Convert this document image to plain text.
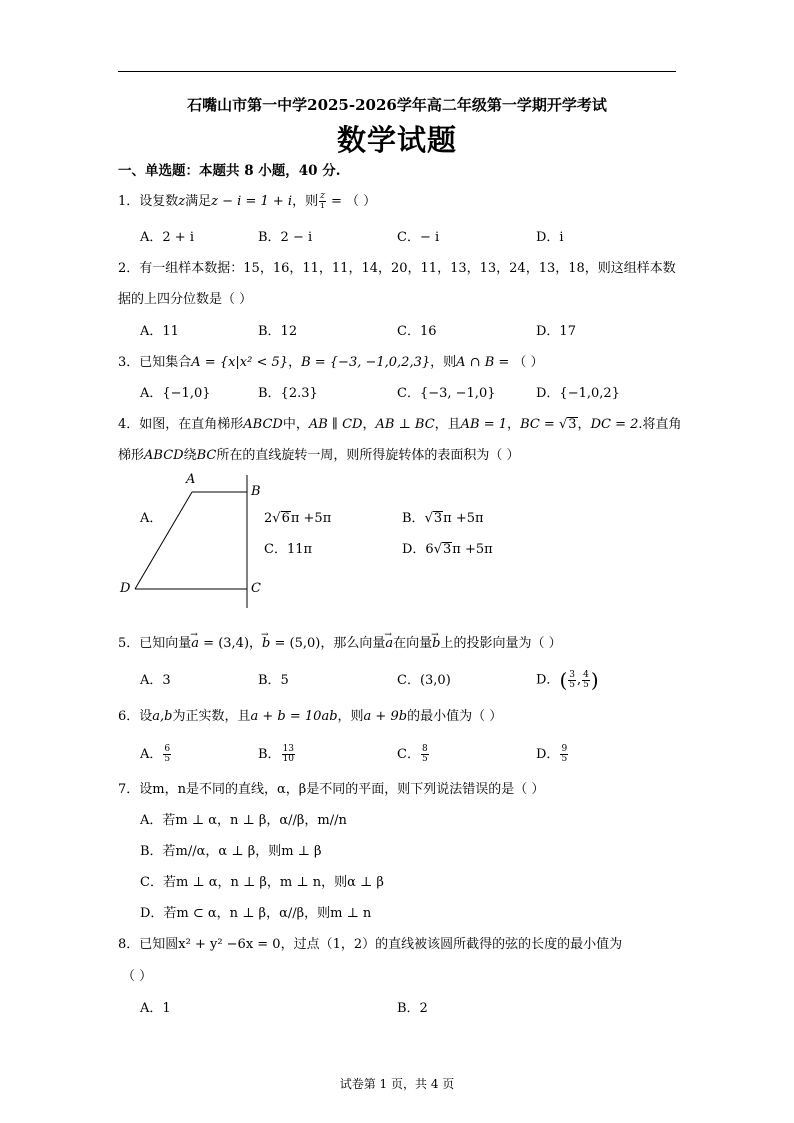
石嘴山市第一中学2025-2026学年高二年级第一学期开学考试
数学试题
一、单选题：本题共 8 小题，40 分.
1．设复数z满足z − i = 1 + i，则 $\frac{z}{i}$ = （ ）
A．2 + i	B．2 − i	C．− i	D．i
2．有一组样本数据：15，16，11，11，14，20，11，13，13，24，13，18，则这组样本数
据的上四分位数是（ ）
A．11	B．12	C．16	D．17
3．已知集合A = {x|x² < 5}，B = {−3, −1,0,2,3}，则A ∩ B = （ ）
A．{−1,0}	B．{2.3}	C．{−3, −1,0}	D．{−1,0,2}
4．如图，在直角梯形ABCD中，AB ∥ CD，AB ⊥ BC，且AB = 1，BC = √3，DC = 2.将直角
梯形ABCD绕BC所在的直线旋转一周，则所得旋转体的表面积为（ ）
A
B
C
D
A．	2√6π +5π	B．√3π +5π
C．11π	D．6√3π +5π
5．已知向量→ a = (3,4)，→ b = (5,0)，那么向量→ a在向量→ b上的投影向量为（ ）
A．3	B．5	C．(3,0)	D．( $\frac{3}{5}$ , $\frac{4}{5}$ )
6．设a,b为正实数，且a + b = 10ab，则a + 9b的最小值为（ ）
A． $\frac{6}{5}$	B． $\frac{13}{10}$	C． $\frac{8}{5}$	D． $\frac{9}{5}$
7．设m，n是不同的直线，α，β是不同的平面，则下列说法错误的是（ ）
A．若m ⊥ α，n ⊥ β，α//β，m//n
B．若m//α，α ⊥ β，则m ⊥ β
C．若m ⊥ α，n ⊥ β，m ⊥ n，则α ⊥ β
D．若m ⊂ α，n ⊥ β，α//β，则m ⊥ n
8．已知圆x² + y² −6x = 0，过点（1，2）的直线被该圆所截得的弦的长度的最小值为
（ ）
A．1	B．2
试卷第 1 页，共 4 页
